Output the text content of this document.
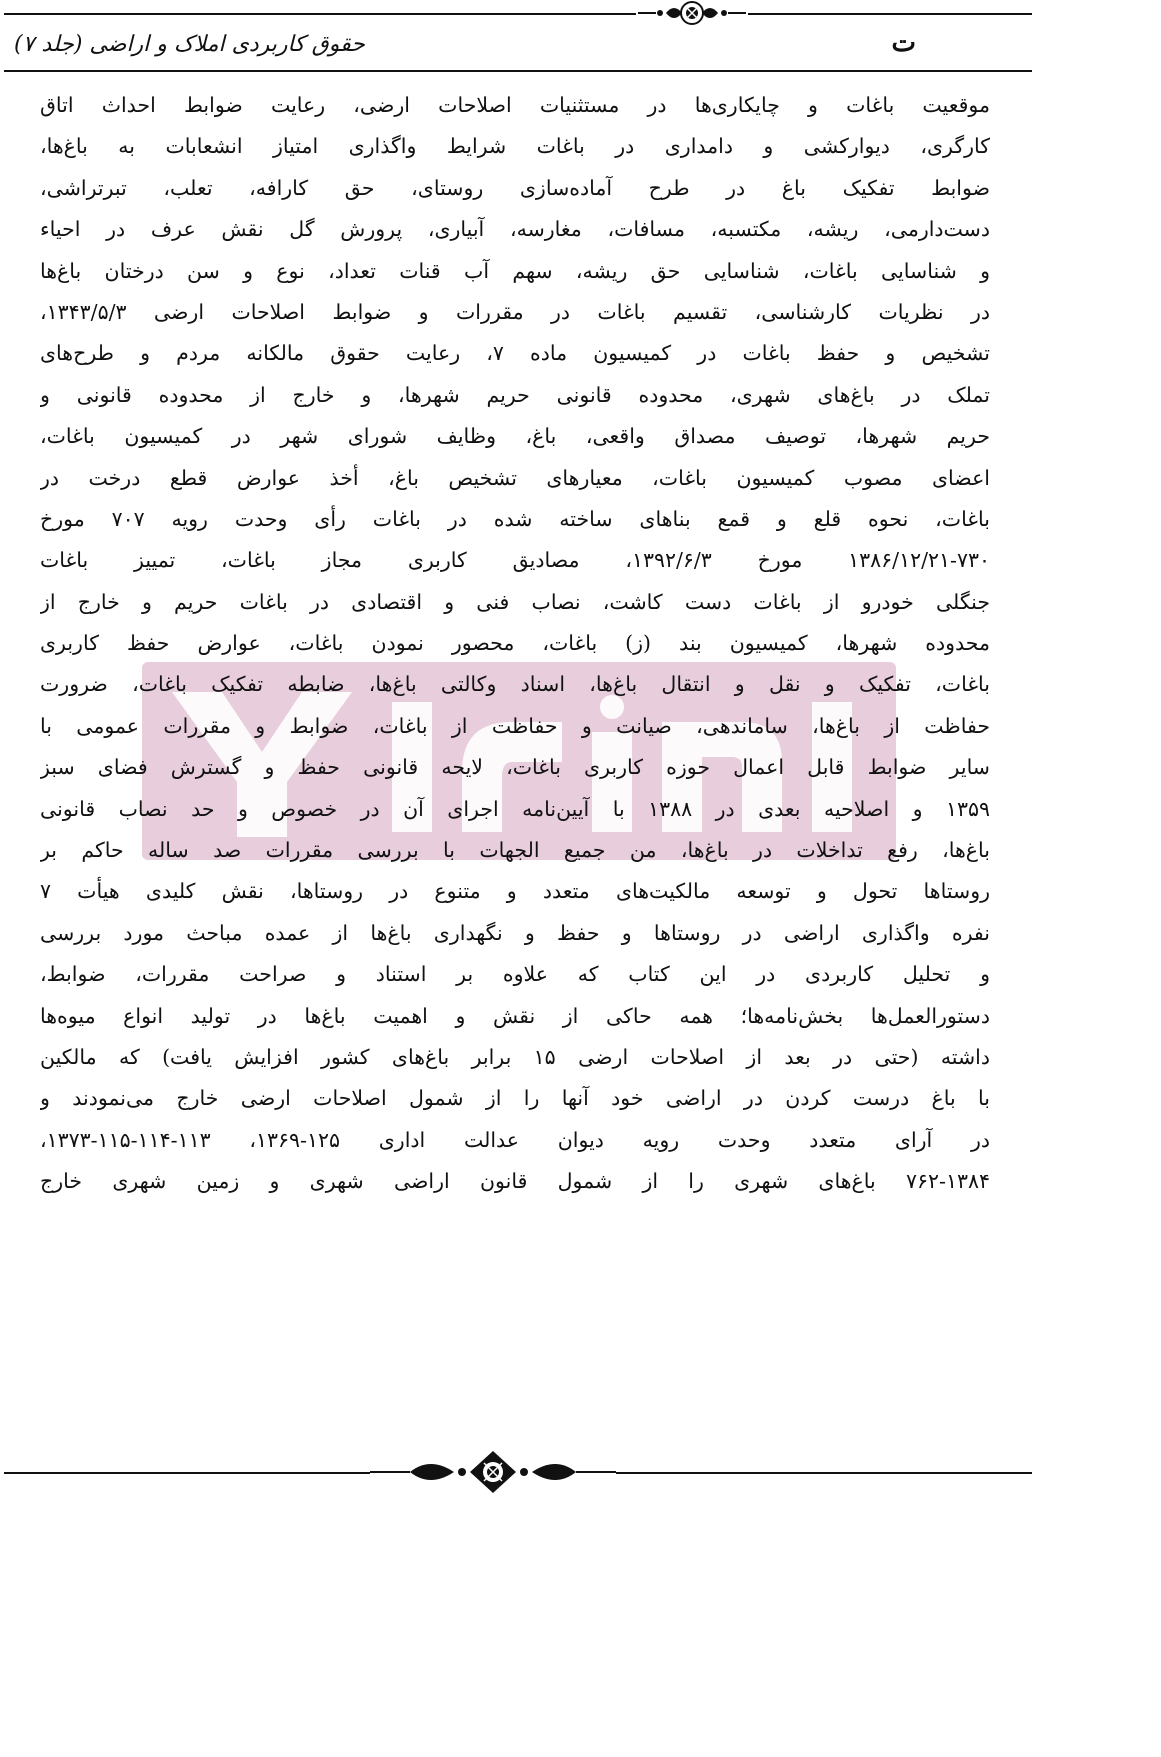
حقوق کاربردی املاک و اراضی (جلد ۷)	ت
موقعیت باغات و چایکاری‌ها در مستثنیات اصلاحات ارضی، رعایت ضوابط احداث اتاق
کارگری، دیوارکشی و دامداری در باغات شرایط واگذاری امتیاز انشعابات به باغ‌ها،
ضوابط تفکیک باغ در طرح آماده‌سازی روستای، حق کارافه، تعلب، تبرتراشی،
دست‌دارمی، ریشه، مکتسبه، مسافات، مغارسه، آبیاری، پرورش گل نقش عرف در احیاء
و شناسایی باغات، شناسایی حق ریشه، سهم آب قنات تعداد، نوع و سن درختان باغ‌ها
در نظریات کارشناسی، تقسیم باغات در مقررات و ضوابط اصلاحات ارضی ۱۳۴۳/۵/۳،
تشخیص و حفظ باغات در کمیسیون ماده ۷، رعایت حقوق مالکانه مردم و طرح‌های
تملک در باغ‌های شهری، محدوده قانونی حریم شهرها، و خارج از محدوده قانونی و
حریم شهرها، توصیف مصداق واقعی، باغ، وظایف شورای شهر در کمیسیون باغات،
اعضای مصوب کمیسیون باغات، معیارهای تشخیص باغ، أخذ عوارض قطع درخت در
باغات، نحوه قلع و قمع بناهای ساخته شده در باغات رأی وحدت رویه ۷۰۷ مورخ
۱۳۸۶/۱۲/۲۱-۷۳۰ مورخ ۱۳۹۲/۶/۳، مصادیق کاربری مجاز باغات، تمییز باغات
جنگلی خودرو از باغات دست کاشت، نصاب فنی و اقتصادی در باغات حریم و خارج از
محدوده شهرها، کمیسیون بند (ز) باغات، محصور نمودن باغات، عوارض حفظ کاربری
باغات، تفکیک و نقل و انتقال باغ‌ها، اسناد وکالتی باغ‌ها، ضابطه تفکیک باغات، ضرورت
حفاظت از باغ‌ها، ساماندهی، صیانت و حفاظت از باغات، ضوابط و مقررات عمومی با
سایر ضوابط قابل اعمال حوزه کاربری باغات، لایحه قانونی حفظ و گسترش فضای سبز
۱۳۵۹ و اصلاحیه بعدی در ۱۳۸۸ با آیین‌نامه اجرای آن در خصوص و حد نصاب قانونی
باغ‌ها، رفع تداخلات در باغ‌ها، من جمیع الجهات با بررسی مقررات صد ساله حاکم بر
روستاها تحول و توسعه مالکیت‌های متعدد و متنوع در روستاها، نقش کلیدی هیأت ۷
نفره واگذاری اراضی در روستاها و حفظ و نگهداری باغ‌ها از عمده مباحث مورد بررسی
و تحلیل کاربردی در این کتاب که علاوه بر استناد و صراحت مقررات، ضوابط،
دستورالعمل‌ها بخش‌نامه‌ها؛ همه حاکی از نقش و اهمیت باغ‌ها در تولید انواع میوه‌ها
داشته (حتی در بعد از اصلاحات ارضی ۱۵ برابر باغ‌های کشور افزایش یافت) که مالکین
با باغ درست کردن در اراضی خود آنها را از شمول اصلاحات ارضی خارج می‌نمودند و
در آرای متعدد وحدت رویه دیوان عدالت اداری ۱۲۵-۱۳۶۹، ۱۱۳-۱۱۴-۱۱۵-۱۳۷۳،
۷۶۲-۱۳۸۴ باغ‌های شهری را از شمول قانون اراضی شهری و زمین شهری خارج
